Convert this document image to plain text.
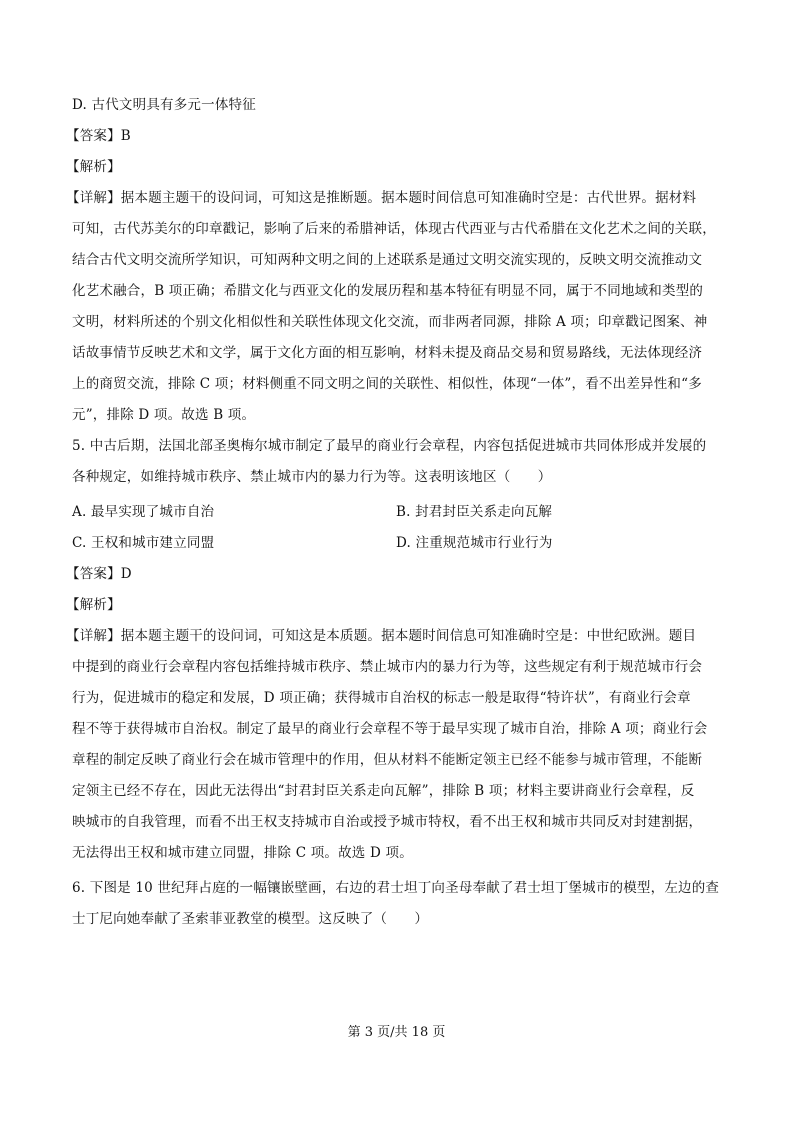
D. 古代文明具有多元一体特征
【答案】B
【解析】
【详解】据本题主题干的设问词，可知这是推断题。据本题时间信息可知准确时空是：古代世界。据材料
可知，古代苏美尔的印章戳记，影响了后来的希腊神话，体现古代西亚与古代希腊在文化艺术之间的关联，
结合古代文明交流所学知识，可知两种文明之间的上述联系是通过文明交流实现的，反映文明交流推动文
化艺术融合，B 项正确；希腊文化与西亚文化的发展历程和基本特征有明显不同，属于不同地域和类型的
文明，材料所述的个别文化相似性和关联性体现文化交流，而非两者同源，排除 A 项；印章戳记图案、神
话故事情节反映艺术和文学，属于文化方面的相互影响，材料未提及商品交易和贸易路线，无法体现经济
上的商贸交流，排除 C 项；材料侧重不同文明之间的关联性、相似性，体现“一体”，看不出差异性和“多
元”，排除 D 项。故选 B 项。
5. 中古后期，法国北部圣奥梅尔城市制定了最早的商业行会章程，内容包括促进城市共同体形成并发展的
各种规定，如维持城市秩序、禁止城市内的暴力行为等。这表明该地区（　　）
A. 最早实现了城市自治	B. 封君封臣关系走向瓦解
C. 王权和城市建立同盟	D. 注重规范城市行业行为
【答案】D
【解析】
【详解】据本题主题干的设问词，可知这是本质题。据本题时间信息可知准确时空是：中世纪欧洲。题目
中提到的商业行会章程内容包括维持城市秩序、禁止城市内的暴力行为等，这些规定有利于规范城市行会
行为，促进城市的稳定和发展，D 项正确；获得城市自治权的标志一般是取得“特许状”，有商业行会章
程不等于获得城市自治权。制定了最早的商业行会章程不等于最早实现了城市自治，排除 A 项；商业行会
章程的制定反映了商业行会在城市管理中的作用，但从材料不能断定领主已经不能参与城市管理，不能断
定领主已经不存在，因此无法得出“封君封臣关系走向瓦解”，排除 B 项；材料主要讲商业行会章程，反
映城市的自我管理，而看不出王权支持城市自治或授予城市特权，看不出王权和城市共同反对封建割据，
无法得出王权和城市建立同盟，排除 C 项。故选 D 项。
6. 下图是 10 世纪拜占庭的一幅镶嵌壁画，右边的君士坦丁向圣母奉献了君士坦丁堡城市的模型，左边的查
士丁尼向她奉献了圣索菲亚教堂的模型。这反映了（　　）
第 3 页/共 18 页
